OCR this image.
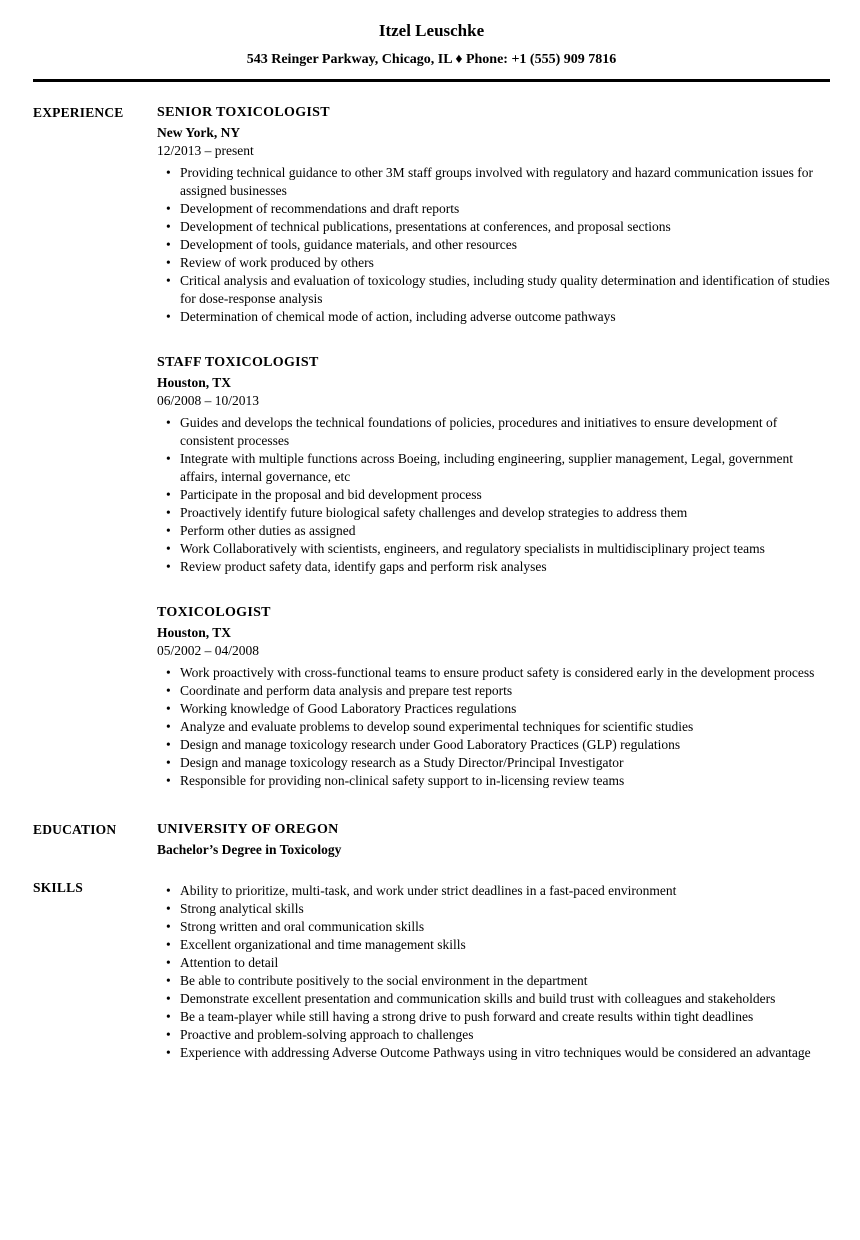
Itzel Leuschke
543 Reinger Parkway, Chicago, IL ♦ Phone: +1 (555) 909 7816
EXPERIENCE	SENIOR TOXICOLOGIST
New York, NY
12/2013 – present
• Providing technical guidance to other 3M staff groups involved with regulatory and hazard communication issues for assigned businesses
• Development of recommendations and draft reports
• Development of technical publications, presentations at conferences, and proposal sections
• Development of tools, guidance materials, and other resources
• Review of work produced by others
• Critical analysis and evaluation of toxicology studies, including study quality determination and identification of studies for dose-response analysis
• Determination of chemical mode of action, including adverse outcome pathways
STAFF TOXICOLOGIST
Houston, TX
06/2008 – 10/2013
• Guides and develops the technical foundations of policies, procedures and initiatives to ensure development of consistent processes
• Integrate with multiple functions across Boeing, including engineering, supplier management, Legal, government affairs, internal governance, etc
• Participate in the proposal and bid development process
• Proactively identify future biological safety challenges and develop strategies to address them
• Perform other duties as assigned
• Work Collaboratively with scientists, engineers, and regulatory specialists in multidisciplinary project teams
• Review product safety data, identify gaps and perform risk analyses
TOXICOLOGIST
Houston, TX
05/2002 – 04/2008
• Work proactively with cross-functional teams to ensure product safety is considered early in the development process
• Coordinate and perform data analysis and prepare test reports
• Working knowledge of Good Laboratory Practices regulations
• Analyze and evaluate problems to develop sound experimental techniques for scientific studies
• Design and manage toxicology research under Good Laboratory Practices (GLP) regulations
• Design and manage toxicology research as a Study Director/Principal Investigator
• Responsible for providing non-clinical safety support to in-licensing review teams
EDUCATION	UNIVERSITY OF OREGON
Bachelor’s Degree in Toxicology
SKILLS	• Ability to prioritize, multi-task, and work under strict deadlines in a fast-paced environment
• Strong analytical skills
• Strong written and oral communication skills
• Excellent organizational and time management skills
• Attention to detail
• Be able to contribute positively to the social environment in the department
• Demonstrate excellent presentation and communication skills and build trust with colleagues and stakeholders
• Be a team-player while still having a strong drive to push forward and create results within tight deadlines
• Proactive and problem-solving approach to challenges
• Experience with addressing Adverse Outcome Pathways using in vitro techniques would be considered an advantage
